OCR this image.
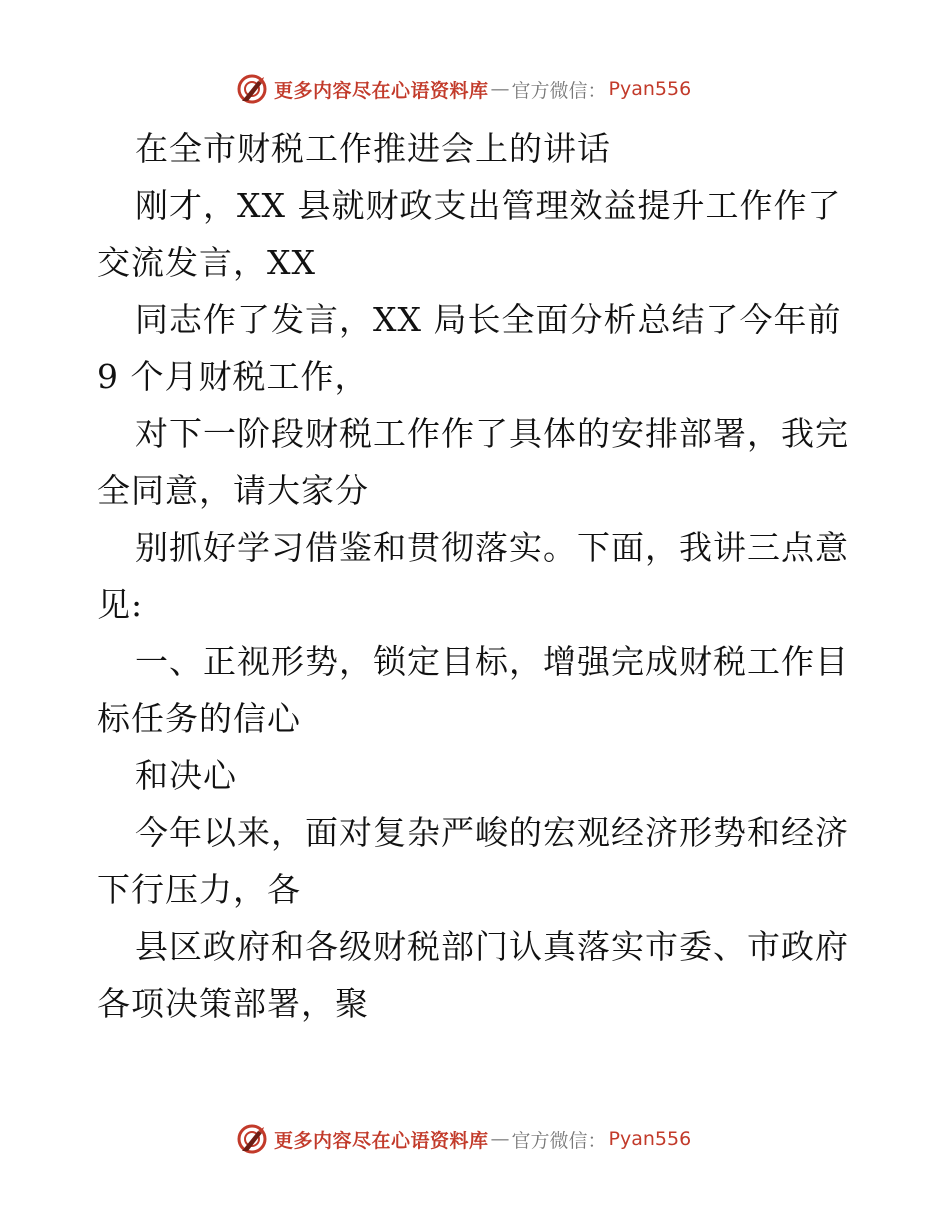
更多内容尽在心语资料库 — 官方微信： Pyan556
在全市财税工作推进会上的讲话
刚才，XX 县就财政支出管理效益提升工作作了
交流发言，XX
同志作了发言，XX 局长全面分析总结了今年前
9 个月财税工作，
对下一阶段财税工作作了具体的安排部署，我完
全同意，请大家分
别抓好学习借鉴和贯彻落实。下面，我讲三点意
见:
一、正视形势，锁定目标，增强完成财税工作目
标任务的信心
和决心
今年以来，面对复杂严峻的宏观经济形势和经济
下行压力，各
县区政府和各级财税部门认真落实市委、市政府
各项决策部署，聚
更多内容尽在心语资料库 — 官方微信： Pyan556
